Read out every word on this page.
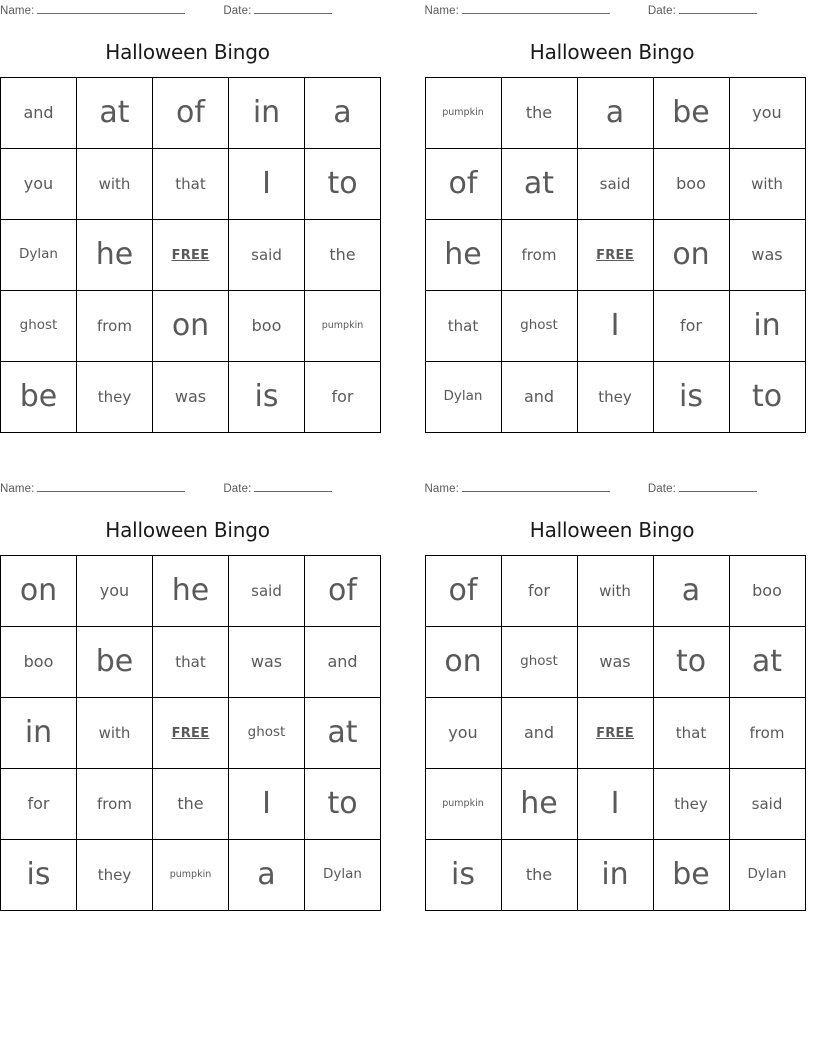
Name:	Date:
Halloween Bingo
and	at	of	in	a
you	with	that	I	to
Dylan	he	FREE	said	the
ghost	from	on	boo	pumpkin
be	they	was	is	for
Name:	Date:
Halloween Bingo
pumpkin	the	a	be	you
of	at	said	boo	with
he	from	FREE	on	was
that	ghost	I	for	in
Dylan	and	they	is	to
Name:	Date:
Halloween Bingo
on	you	he	said	of
boo	be	that	was	and
in	with	FREE	ghost	at
for	from	the	I	to
is	they	pumpkin	a	Dylan
Name:	Date:
Halloween Bingo
of	for	with	a	boo
on	ghost	was	to	at
you	and	FREE	that	from
pumpkin	he	I	they	said
is	the	in	be	Dylan
